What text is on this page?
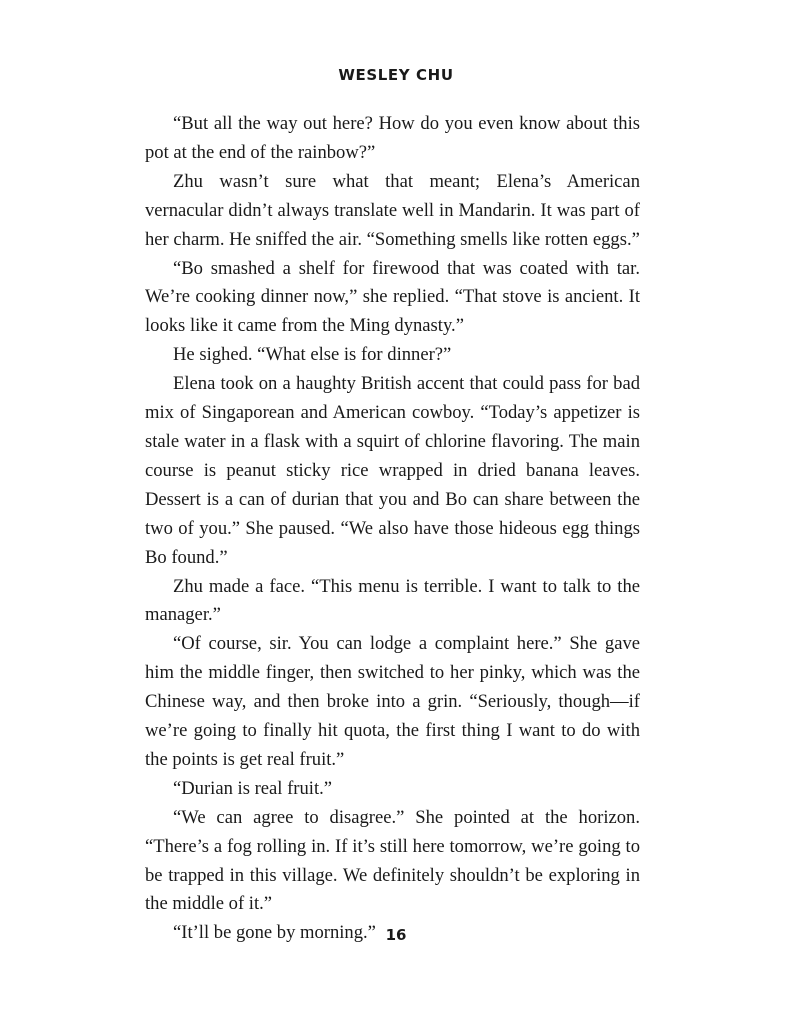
WESLEY CHU

“But all the way out here? How do you even know about this pot at the end of the rainbow?”

Zhu wasn’t sure what that meant; Elena’s American vernacular didn’t always translate well in Mandarin. It was part of her charm. He sniffed the air. “Something smells like rotten eggs.”

“Bo smashed a shelf for firewood that was coated with tar. We’re cooking dinner now,” she replied. “That stove is ancient. It looks like it came from the Ming dynasty.”

He sighed. “What else is for dinner?”

Elena took on a haughty British accent that could pass for bad mix of Singaporean and American cowboy. “Today’s appetizer is stale water in a flask with a squirt of chlorine flavoring. The main course is peanut sticky rice wrapped in dried banana leaves. Dessert is a can of durian that you and Bo can share between the two of you.” She paused. “We also have those hideous egg things Bo found.”

Zhu made a face. “This menu is terrible. I want to talk to the manager.”

“Of course, sir. You can lodge a complaint here.” She gave him the middle finger, then switched to her pinky, which was the Chinese way, and then broke into a grin. “Seriously, though—if we’re going to finally hit quota, the first thing I want to do with the points is get real fruit.”

“Durian is real fruit.”

“We can agree to disagree.” She pointed at the horizon. “There’s a fog rolling in. If it’s still here tomorrow, we’re going to be trapped in this village. We definitely shouldn’t be exploring in the middle of it.”

“It’ll be gone by morning.” 16
